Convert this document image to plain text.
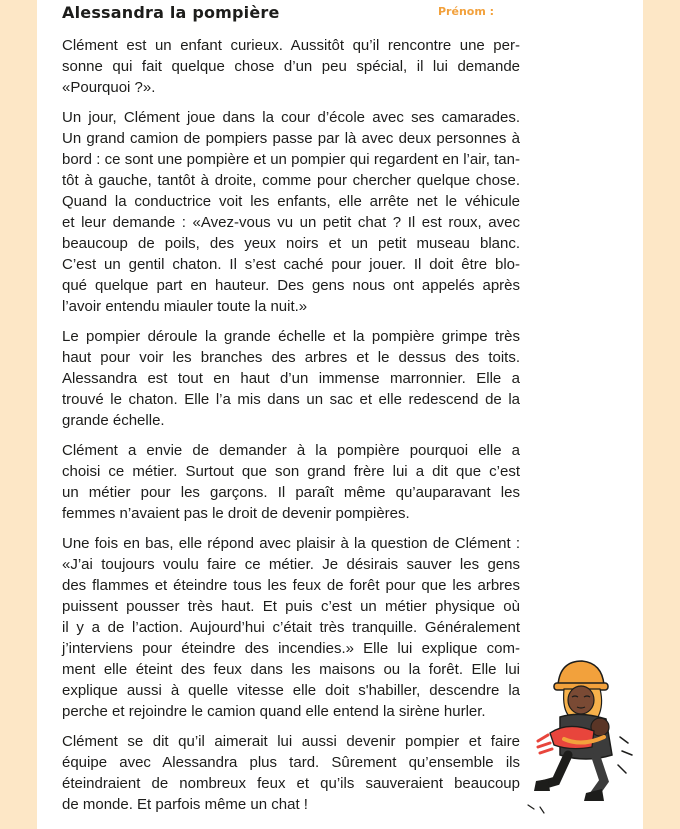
Alessandra la pompière	Prénom :

Clément est un enfant curieux. Aussitôt qu’il rencontre une per-
sonne qui fait quelque chose d’un peu spécial, il lui demande
«Pourquoi ?».

Un jour, Clément joue dans la cour d’école avec ses camarades.
Un grand camion de pompiers passe par là avec deux personnes à
bord : ce sont une pompière et un pompier qui regardent en l’air, tan-
tôt à gauche, tantôt à droite, comme pour chercher quelque chose.
Quand la conductrice voit les enfants, elle arrête net le véhicule
et leur demande : «Avez-vous vu un petit chat ? Il est roux, avec
beaucoup de poils, des yeux noirs et un petit museau blanc.
C’est un gentil chaton. Il s’est caché pour jouer. Il doit être blo-
qué quelque part en hauteur. Des gens nous ont appelés après
l’avoir entendu miauler toute la nuit.»

Le pompier déroule la grande échelle et la pompière grimpe très
haut pour voir les branches des arbres et le dessus des toits.
Alessandra est tout en haut d’un immense marronnier. Elle a
trouvé le chaton. Elle l’a mis dans un sac et elle redescend de la
grande échelle.

Clément a envie de demander à la pompière pourquoi elle a
choisi ce métier. Surtout que son grand frère lui a dit que c’est
un métier pour les garçons. Il paraît même qu’auparavant les
femmes n’avaient pas le droit de devenir pompières.

Une fois en bas, elle répond avec plaisir à la question de Clément :
«J’ai toujours voulu faire ce métier. Je désirais sauver les gens
des flammes et éteindre tous les feux de forêt pour que les arbres
puissent pousser très haut. Et puis c’est un métier physique où
il y a de l’action. Aujourd’hui c’était très tranquille. Généralement
j’interviens pour éteindre des incendies.» Elle lui explique com-
ment elle éteint des feux dans les maisons ou la forêt. Elle lui
explique aussi à quelle vitesse elle doit s'habiller, descendre la
perche et rejoindre le camion quand elle entend la sirène hurler.

Clément se dit qu’il aimerait lui aussi devenir pompier et faire
équipe avec Alessandra plus tard. Sûrement qu’ensemble ils
éteindraient de nombreux feux et qu’ils sauveraient beaucoup
de monde. Et parfois même un chat !
